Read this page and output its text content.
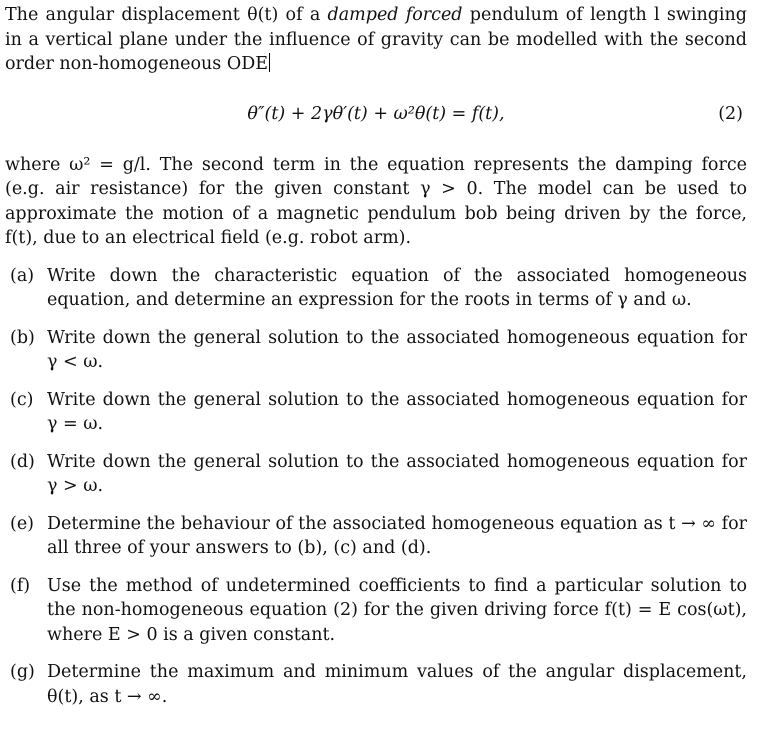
The angular displacement θ(t) of a damped forced pendulum of length l swinging in a vertical plane under the influence of gravity can be modelled with the second order non-homogeneous ODE

θ″(t) + 2γθ′(t) + ω²θ(t) = f(t),	(2)

where ω² = g/l. The second term in the equation represents the damping force (e.g. air resistance) for the given constant γ > 0. The model can be used to approximate the motion of a magnetic pendulum bob being driven by the force, f(t), due to an electrical field (e.g. robot arm).

(a) Write down the characteristic equation of the associated homogeneous equation, and determine an expression for the roots in terms of γ and ω.
(b) Write down the general solution to the associated homogeneous equation for γ < ω.
(c) Write down the general solution to the associated homogeneous equation for γ = ω.
(d) Write down the general solution to the associated homogeneous equation for γ > ω.
(e) Determine the behaviour of the associated homogeneous equation as t → ∞ for all three of your answers to (b), (c) and (d).
(f) Use the method of undetermined coefficients to find a particular solution to the non-homogeneous equation (2) for the given driving force f(t) = E cos(ωt), where E > 0 is a given constant.
(g) Determine the maximum and minimum values of the angular displacement, θ(t), as t → ∞.
